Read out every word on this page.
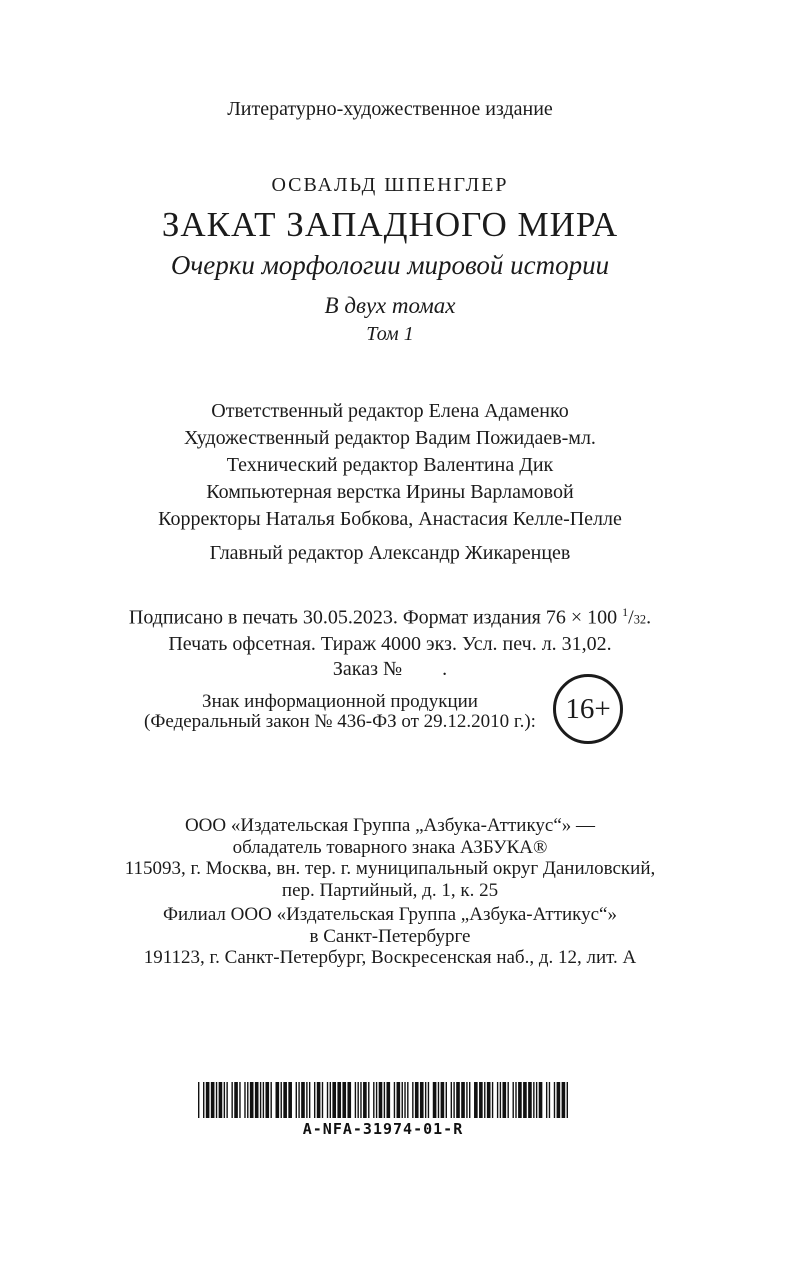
Литературно-художественное издание
ОСВАЛЬД ШПЕНГЛЕР
ЗАКАТ ЗАПАДНОГО МИРА
Очерки морфологии мировой истории
В двух томах
Том 1
Ответственный редактор Елена Адаменко
Художественный редактор Вадим Пожидаев-мл.
Технический редактор Валентина Дик
Компьютерная верстка Ирины Варламовой
Корректоры Наталья Бобкова, Анастасия Келле-Пелле
Главный редактор Александр Жикаренцев
Подписано в печать 30.05.2023. Формат издания 76 × 100 $^1$/32.
Печать офсетная. Тираж 4000 экз. Усл. печ. л. 31,02.
Заказ №        .
Знак информационной продукции
(Федеральный закон № 436-ФЗ от 29.12.2010 г.):	16+
ООО «Издательская Группа „Азбука-Аттикус“» —
обладатель товарного знака АЗБУКА®
115093, г. Москва, вн. тер. г. муниципальный округ Даниловский,
пер. Партийный, д. 1, к. 25
Филиал ООО «Издательская Группа „Азбука-Аттикус“»
в Санкт-Петербурге
191123, г. Санкт-Петербург, Воскресенская наб., д. 12, лит. А
A-NFA-31974-01-R
